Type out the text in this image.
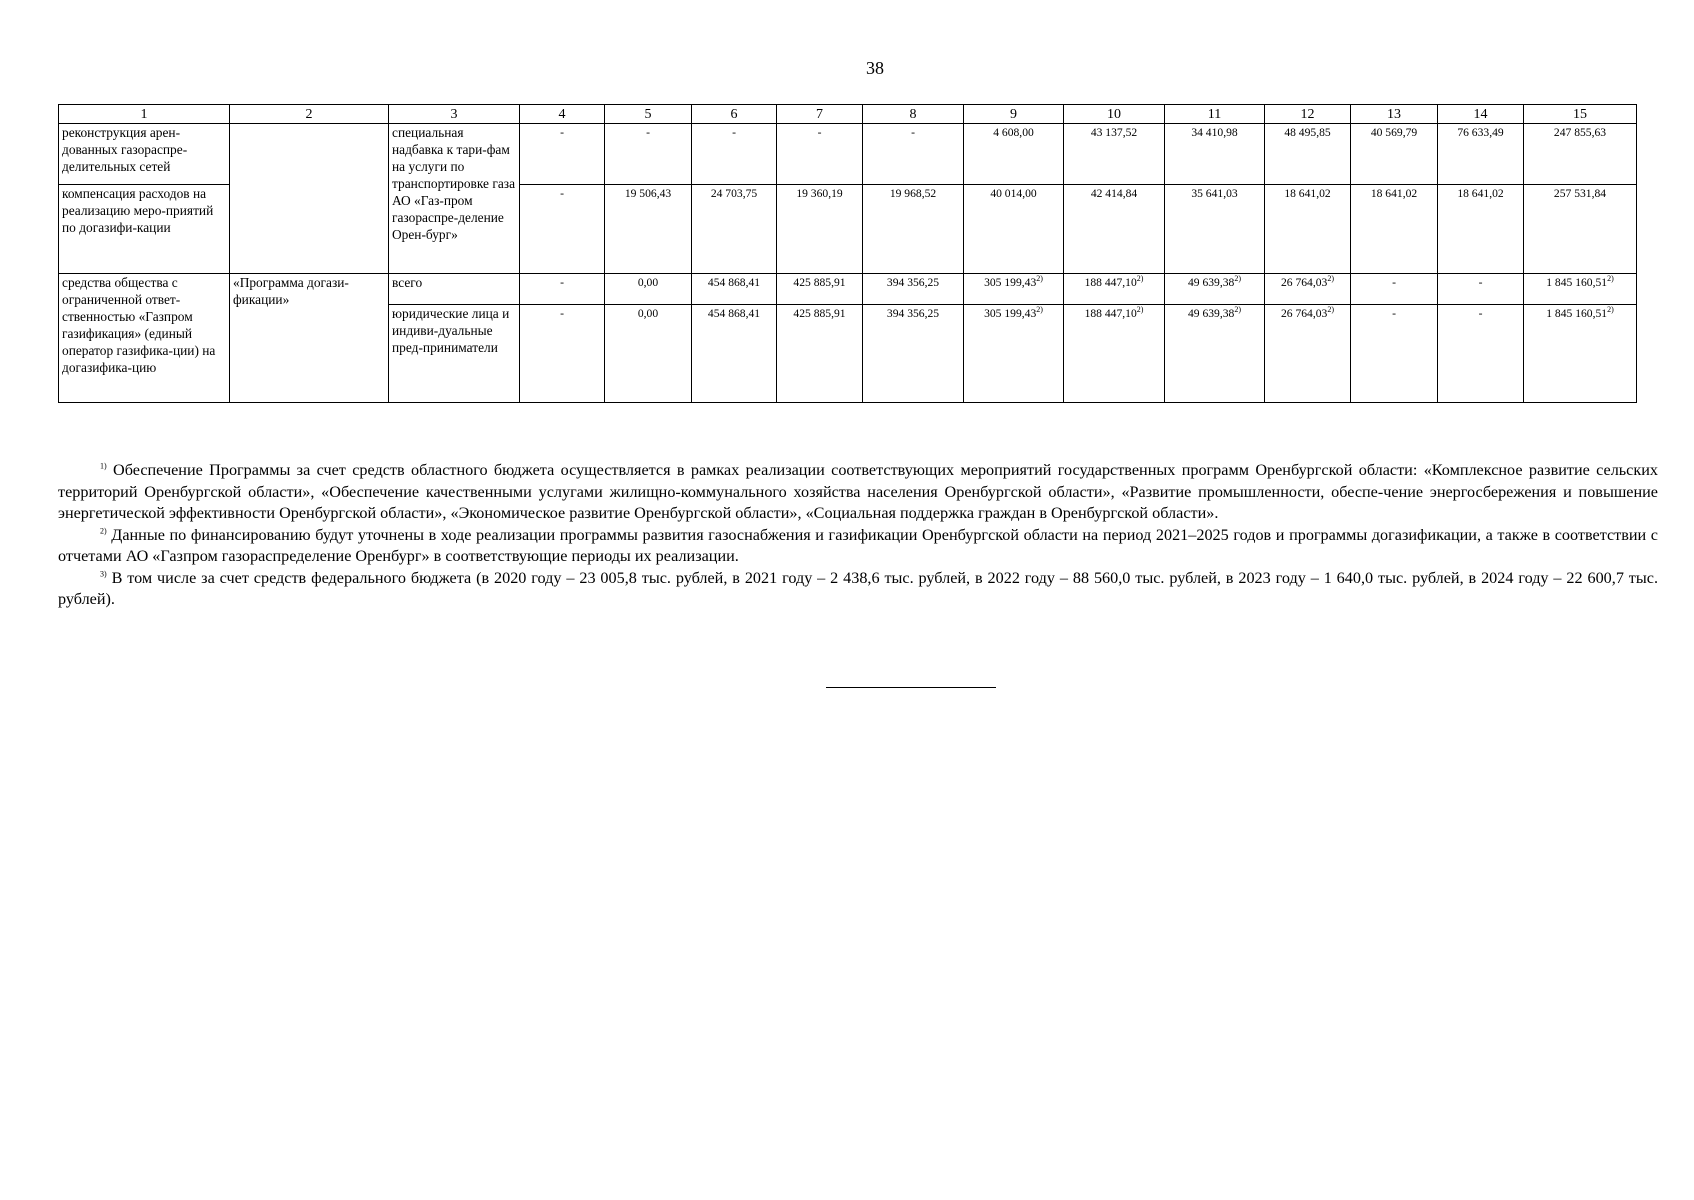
38
1	2	3	4	5	6	7	8	9	10	11	12	13	14	15
реконструкция арен-дованных газораспре-делительных сетей		специальная надбавка к тари-фам на услуги по транспортировке газа АО «Газ-пром газораспре-деление Орен-бург»	-	-	-	-	-	4 608,00	43 137,52	34 410,98	48 495,85	40 569,79	76 633,49	247 855,63
компенсация расходов на реализацию меро-приятий по догазифи-кации			-	19 506,43	24 703,75	19 360,19	19 968,52	40 014,00	42 414,84	35 641,03	18 641,02	18 641,02	18 641,02	257 531,84
средства общества с ограниченной ответ-ственностью «Газпром газификация» (единый оператор газифика-ции) на догазифика-цию	«Программа догази-фикации»	всего	-	0,00	454 868,41	425 885,91	394 356,25	305 199,43$^{2)}$	188 447,10$^{2)}$	49 639,38$^{2)}$	26 764,03$^{2)}$	-	-	1 845 160,51$^{2)}$
		юридические лица и индиви-дуальные пред-приниматели	-	0,00	454 868,41	425 885,91	394 356,25	305 199,43$^{2)}$	188 447,10$^{2)}$	49 639,38$^{2)}$	26 764,03$^{2)}$	-	-	1 845 160,51$^{2)}$

$^{1)}$ Обеспечение Программы за счет средств областного бюджета осуществляется в рамках реализации соответствующих мероприятий государственных программ Оренбургской области: «Комплексное развитие сельских территорий Оренбургской области», «Обеспечение качественными услугами жилищно-коммунального хозяйства населения Оренбургской области», «Развитие промышленности, обеспе-чение энергосбережения и повышение энергетической эффективности Оренбургской области», «Экономическое развитие Оренбургской области», «Социальная поддержка граждан в Оренбургской области».

$^{2)}$ Данные по финансированию будут уточнены в ходе реализации программы развития газоснабжения и газификации Оренбургской области на период 2021–2025 годов и программы догазификации, а также в соответствии с отчетами АО «Газпром газораспределение Оренбург» в соответствующие периоды их реализации.

$^{3)}$ В том числе за счет средств федерального бюджета (в 2020 году – 23 005,8 тыс. рублей, в 2021 году – 2 438,6 тыс. рублей, в 2022 году – 88 560,0 тыс. рублей, в 2023 году – 1 640,0 тыс. рублей, в 2024 году – 22 600,7 тыс. рублей).
